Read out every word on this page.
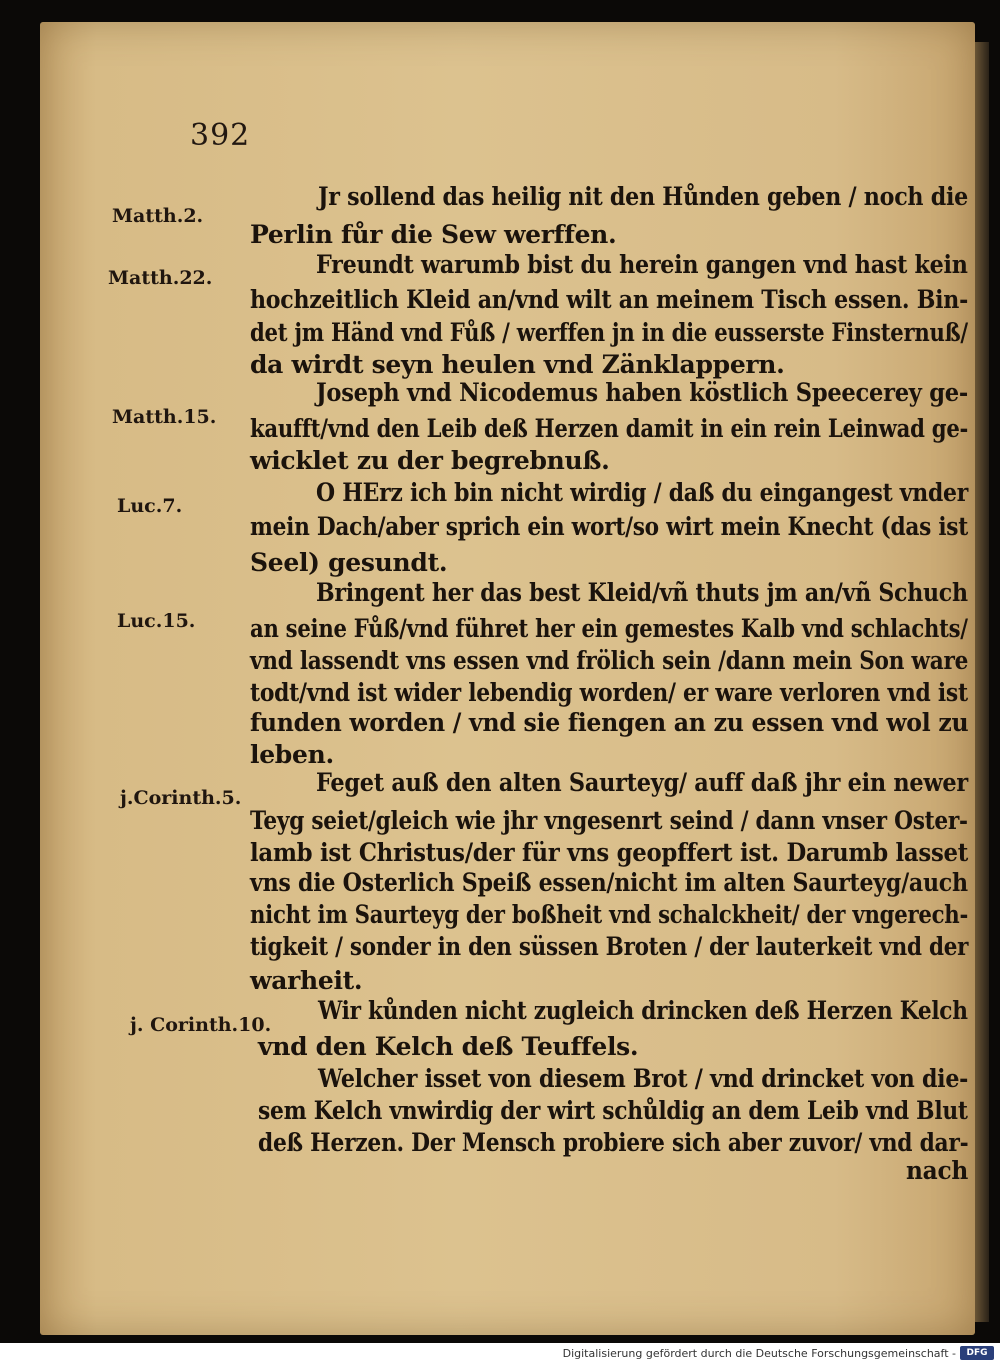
392
Matth.2.
Matth.22.
Matth.15.
Luc.7.
Luc.15.
j.Corinth.5.
j. Corinth.10.
Jr sollend das heilig nit den Hůnden geben / noch die
Perlin fůr die Sew werffen.
Freundt warumb bist du herein gangen vnd hast kein
hochzeitlich Kleid an/vnd wilt an meinem Tisch essen. Bin-
det jm Händ vnd Fůß / werffen jn in die eusserste Finsternuß/
da wirdt seyn heulen vnd Zänklappern.
Joseph vnd Nicodemus haben köstlich Speecerey ge-
kaufft/vnd den Leib deß Herzen damit in ein rein Leinwad ge-
wicklet zu der begrebnuß.
O HErz ich bin nicht wirdig / daß du eingangest vnder
mein Dach/aber sprich ein wort/so wirt mein Knecht (das ist
Seel) gesundt.
Bringent her das best Kleid/vñ thuts jm an/vñ Schuch
an seine Fůß/vnd führet her ein gemestes Kalb vnd schlachts/
vnd lassendt vns essen vnd frölich sein /dann mein Son ware
todt/vnd ist wider lebendig worden/ er ware verloren vnd ist
funden worden / vnd sie fiengen an zu essen vnd wol zu
leben.
Feget auß den alten Saurteyg/ auff daß jhr ein newer
Teyg seiet/gleich wie jhr vngesenrt seind / dann vnser Oster-
lamb ist Christus/der für vns geopffert ist. Darumb lasset
vns die Osterlich Speiß essen/nicht im alten Saurteyg/auch
nicht im Saurteyg der boßheit vnd schalckheit/ der vngerech-
tigkeit / sonder in den süssen Broten / der lauterkeit vnd der
warheit.
Wir kůnden nicht zugleich drincken deß Herzen Kelch
vnd den Kelch deß Teuffels.
Welcher isset von diesem Brot / vnd drincket von die-
sem Kelch vnwirdig der wirt schůldig an dem Leib vnd Blut
deß Herzen. Der Mensch probiere sich aber zuvor/ vnd dar-
nach
Digitalisierung gefördert durch die Deutsche Forschungsgemeinschaft -	DFG
